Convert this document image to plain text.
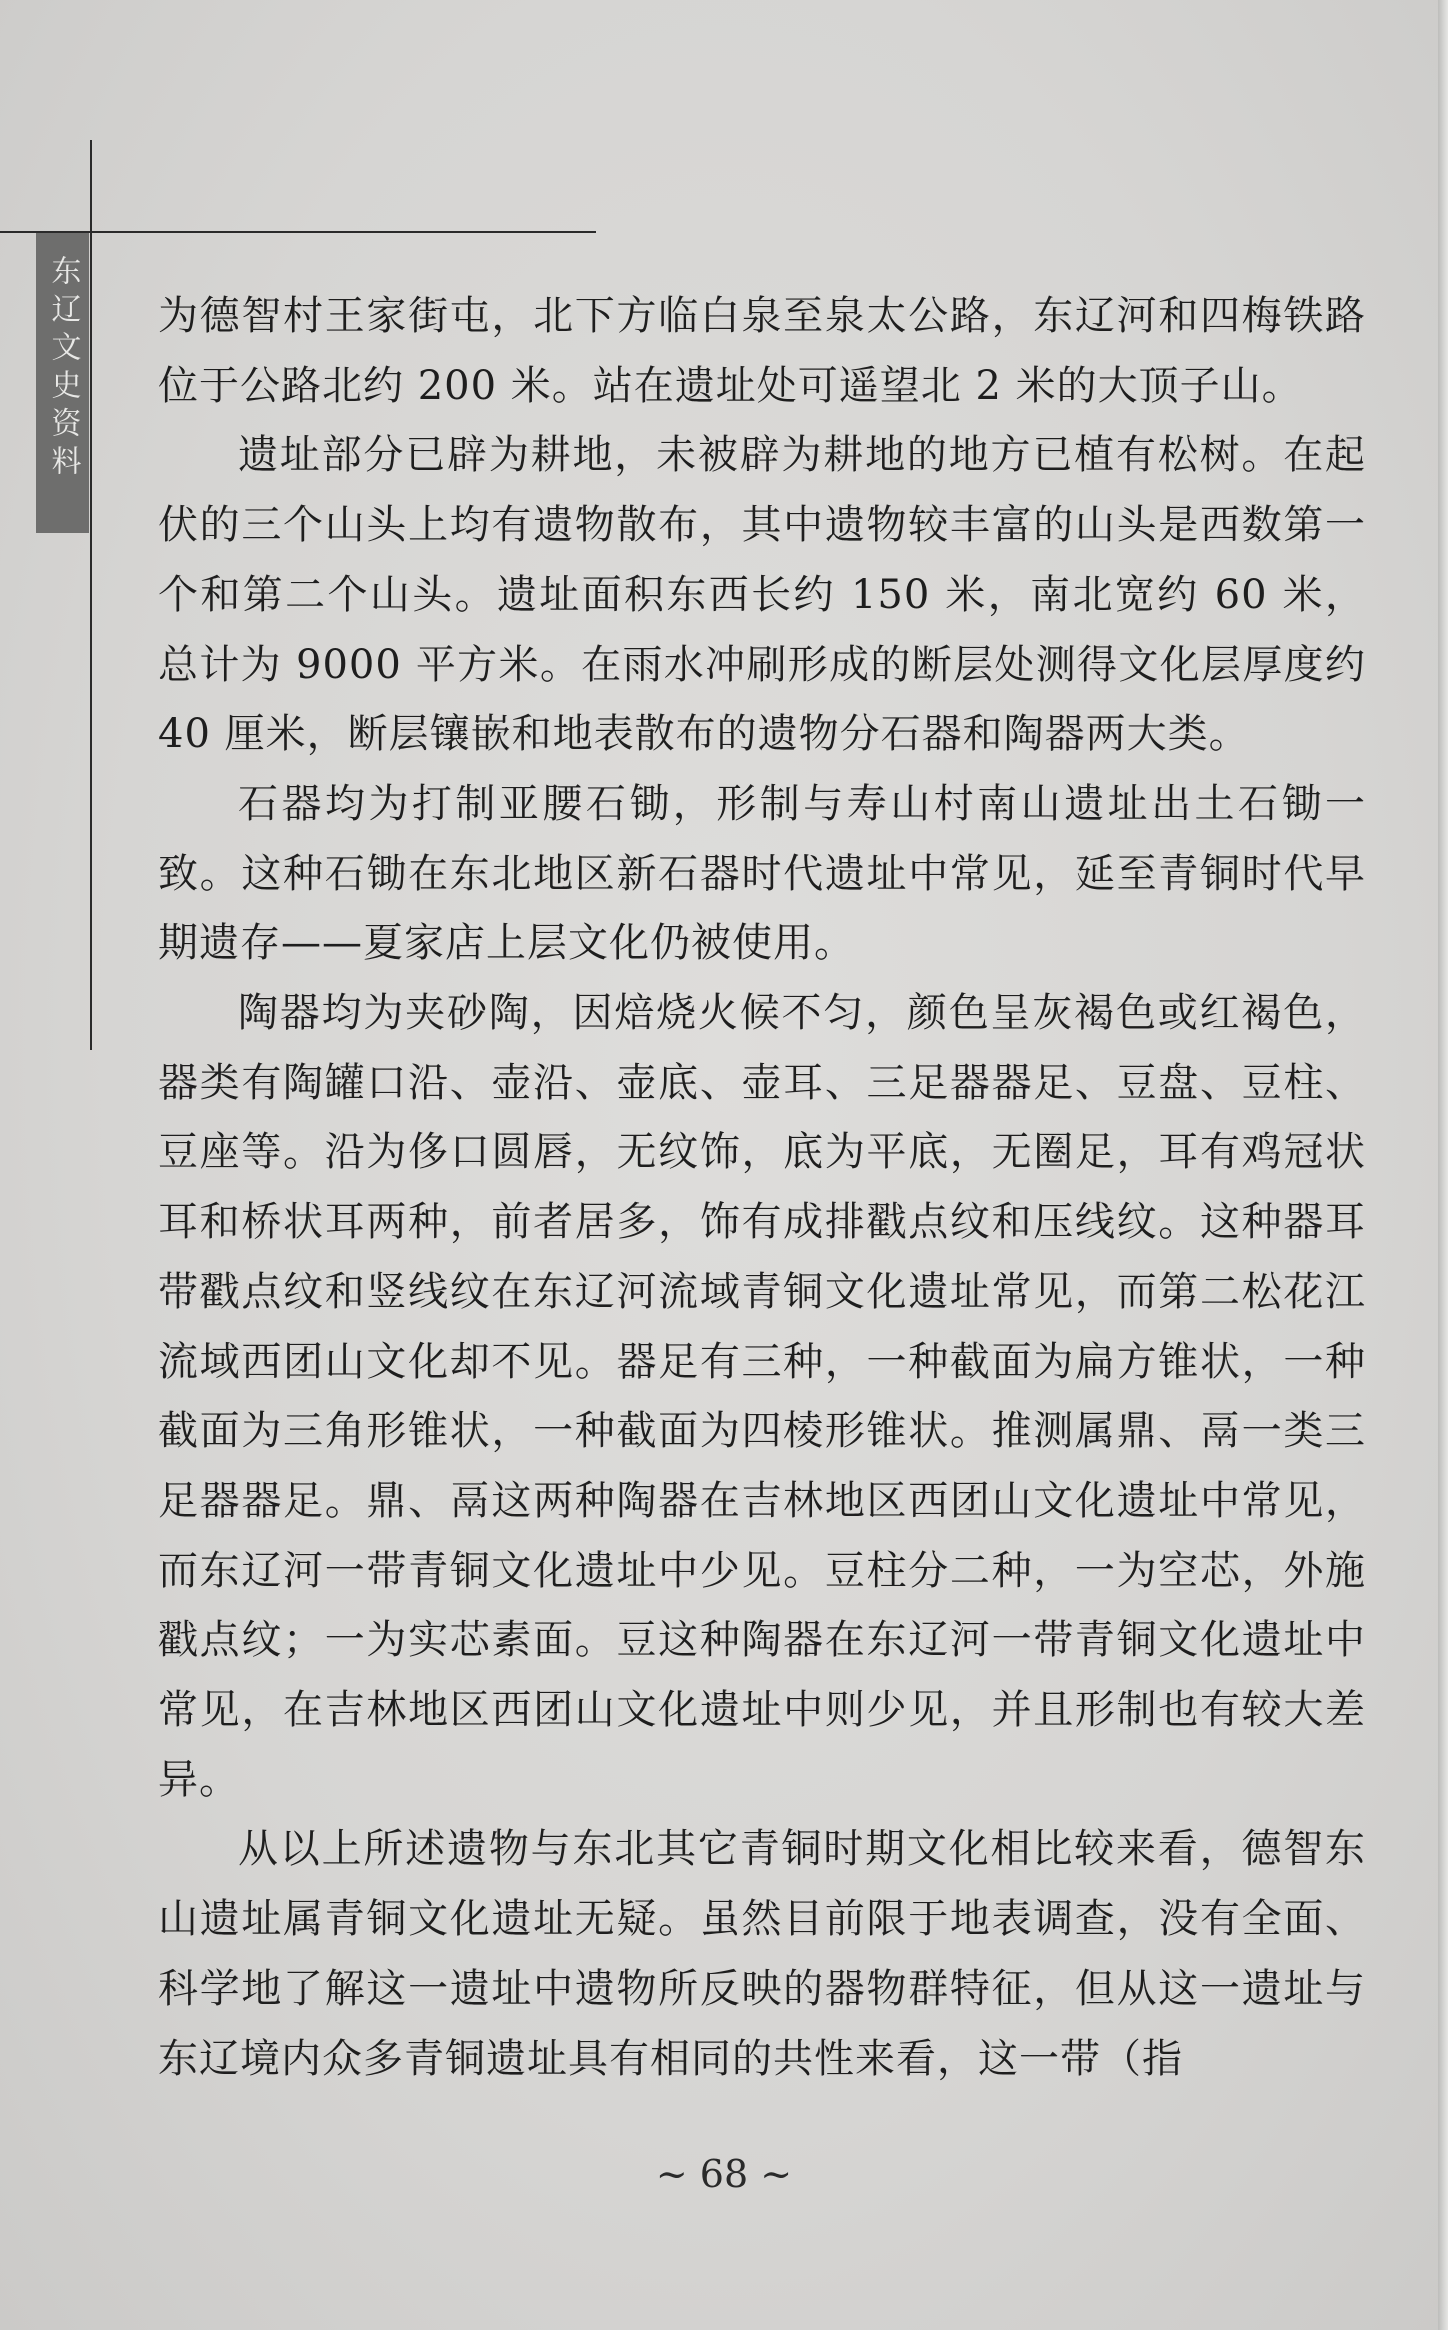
东辽文史资料 为德智村王家街屯，北下方临白泉至泉太公路，东辽河和四梅铁路位于公路北约 200 米。站在遗址处可遥望北 2 米的大顶子山。

遗址部分已辟为耕地，未被辟为耕地的地方已植有松树。在起伏的三个山头上均有遗物散布，其中遗物较丰富的山头是西数第一个和第二个山头。遗址面积东西长约 150 米，南北宽约 60 米，总计为 9000 平方米。在雨水冲刷形成的断层处测得文化层厚度约 40 厘米，断层镶嵌和地表散布的遗物分石器和陶器两大类。

石器均为打制亚腰石锄，形制与寿山村南山遗址出土石锄一致。这种石锄在东北地区新石器时代遗址中常见，延至青铜时代早期遗存——夏家店上层文化仍被使用。

陶器均为夹砂陶，因焙烧火候不匀，颜色呈灰褐色或红褐色，器类有陶罐口沿、壶沿、壶底、壶耳、三足器器足、豆盘、豆柱、豆座等。沿为侈口圆唇，无纹饰，底为平底，无圈足，耳有鸡冠状耳和桥状耳两种，前者居多，饰有成排戳点纹和压线纹。这种器耳带戳点纹和竖线纹在东辽河流域青铜文化遗址常见，而第二松花江流域西团山文化却不见。器足有三种，一种截面为扁方锥状，一种截面为三角形锥状，一种截面为四棱形锥状。推测属鼎、鬲一类三足器器足。鼎、鬲这两种陶器在吉林地区西团山文化遗址中常见，而东辽河一带青铜文化遗址中少见。豆柱分二种，一为空芯，外施戳点纹；一为实芯素面。豆这种陶器在东辽河一带青铜文化遗址中常见，在吉林地区西团山文化遗址中则少见，并且形制也有较大差异。

从以上所述遗物与东北其它青铜时期文化相比较来看，德智东山遗址属青铜文化遗址无疑。虽然目前限于地表调查，没有全面、科学地了解这一遗址中遗物所反映的器物群特征，但从这一遗址与东辽境内众多青铜遗址具有相同的共性来看，这一带（指

~ 68 ~
